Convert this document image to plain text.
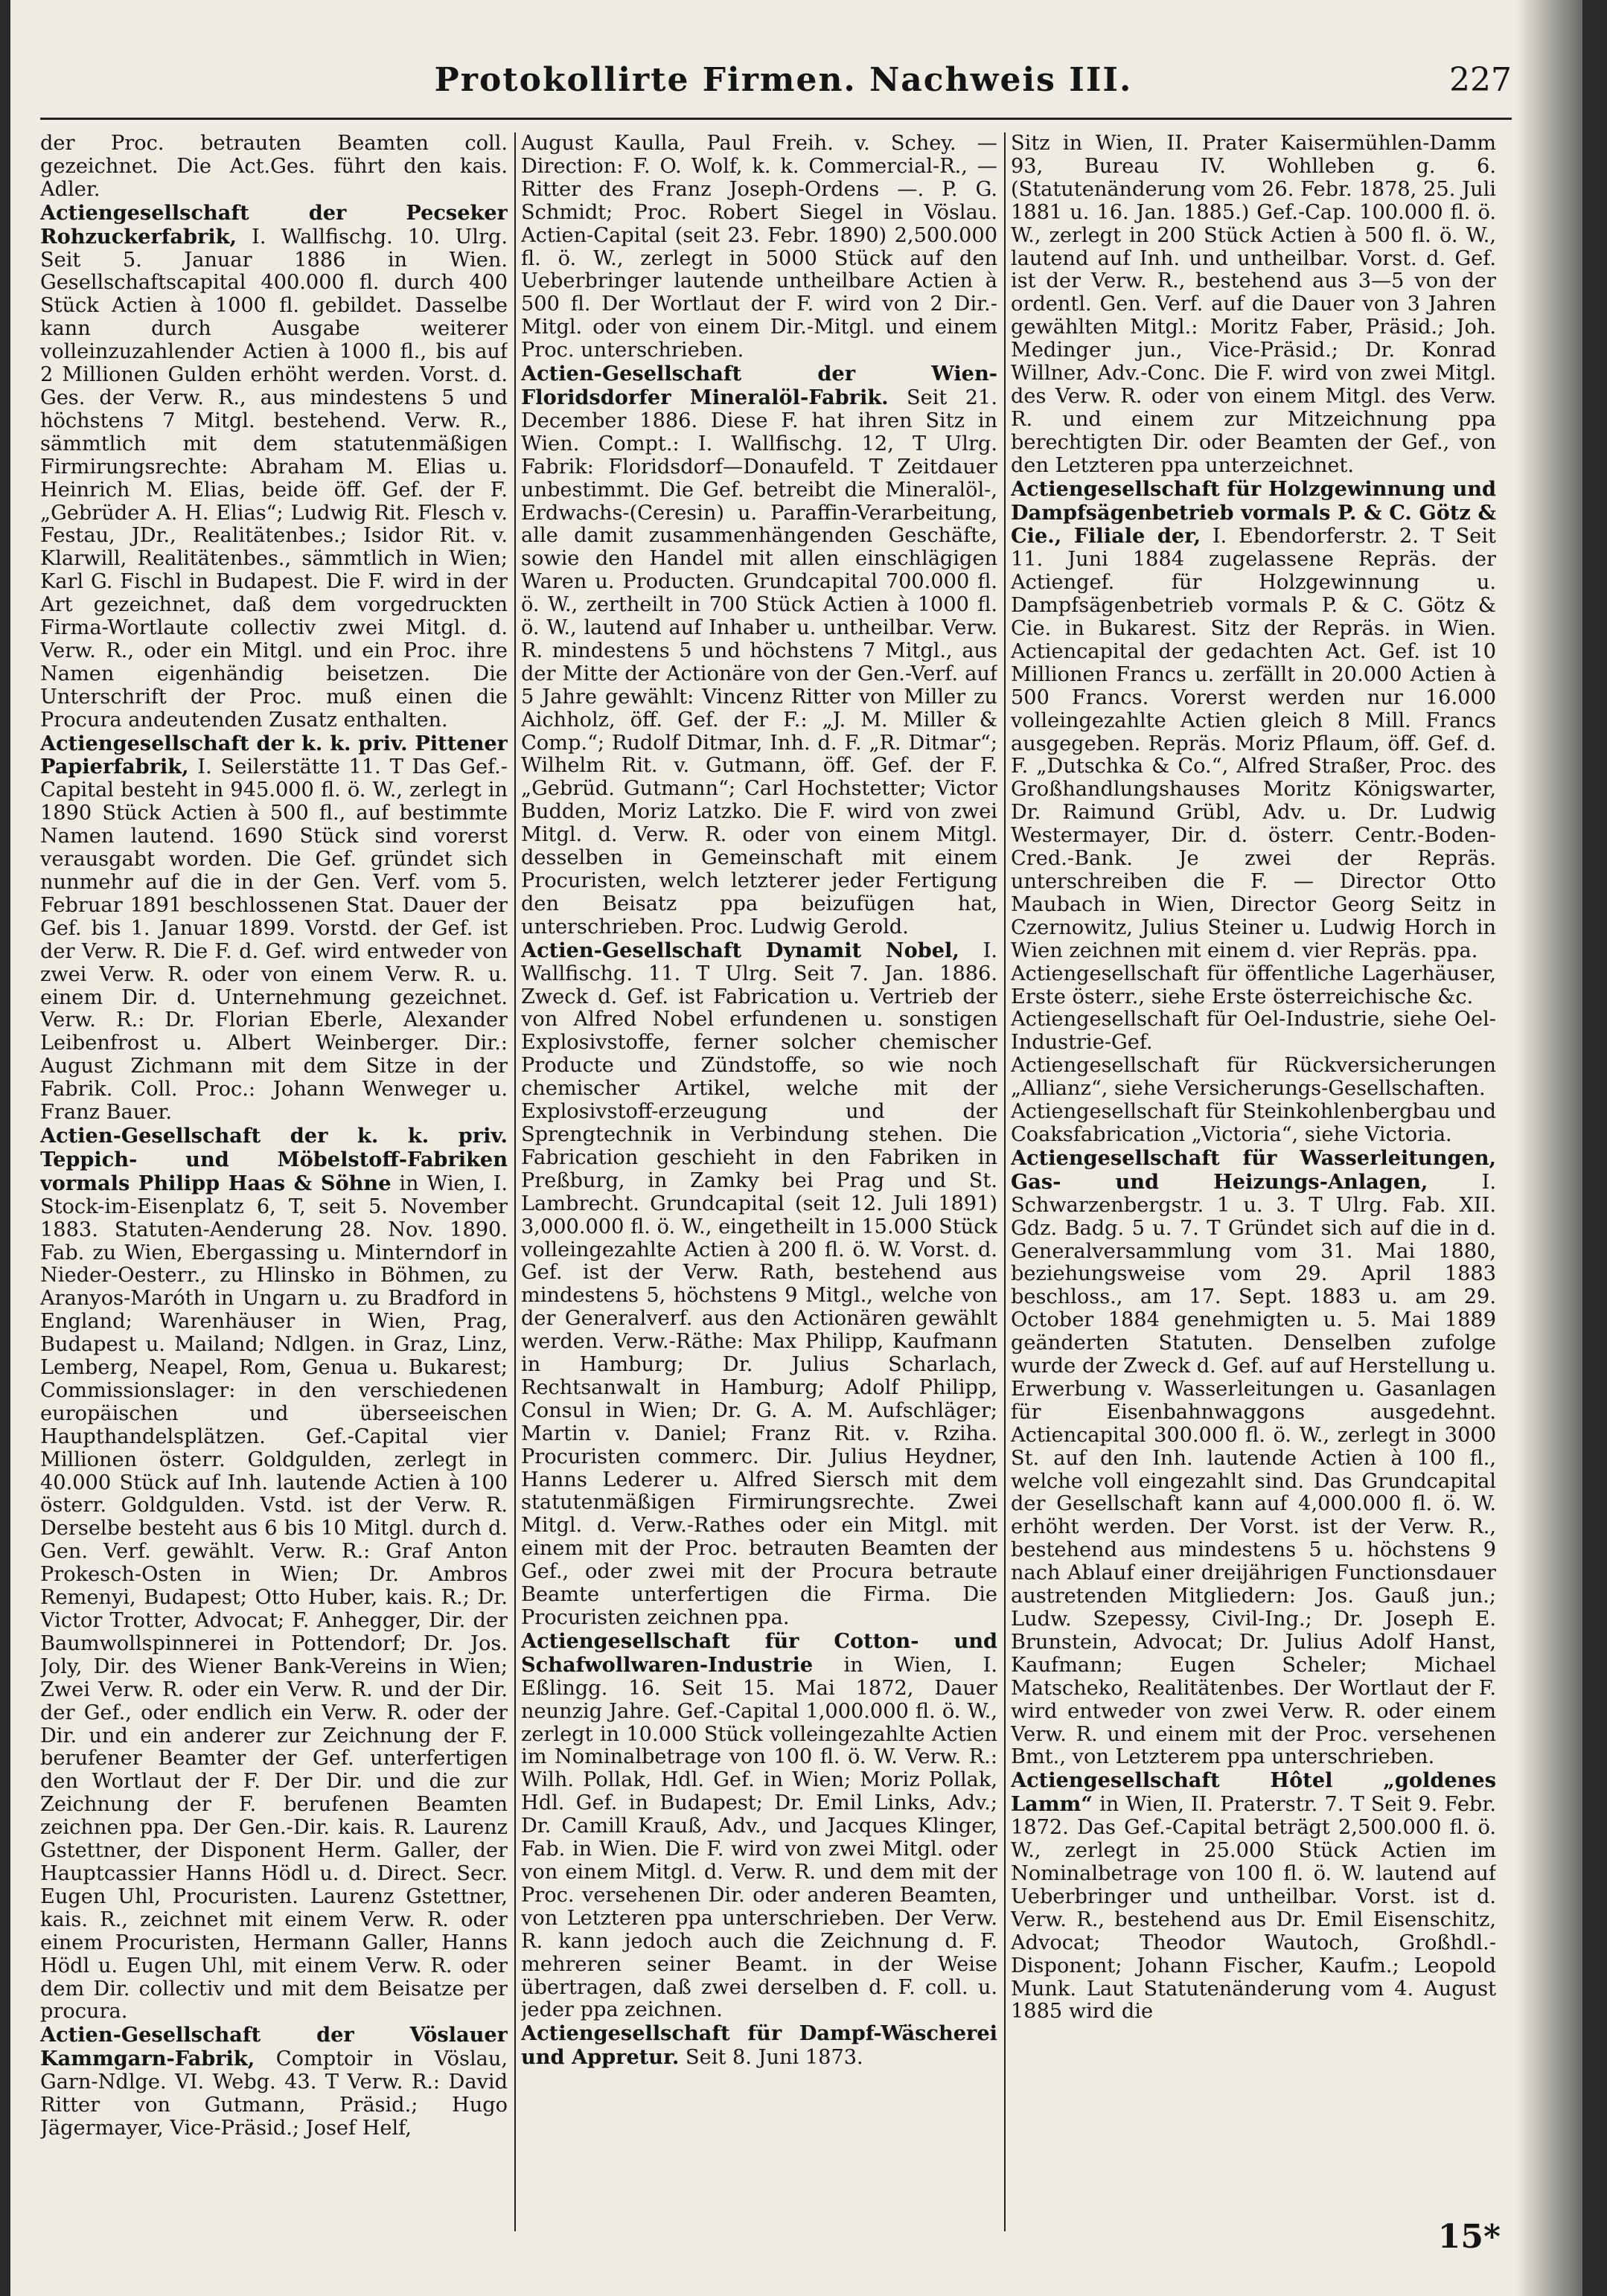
Protokollirte Firmen. Nachweis III.	227

der Proc. betrauten Beamten coll. gezeichnet. Die Act.Ges. führt den kais. Adler.

Actiengesellschaft der Pecseker Rohzuckerfabrik, I. Wallfischg. 10. Ulrg. Seit 5. Januar 1886 in Wien. Gesellschaftscapital 400.000 fl. durch 400 Stück Actien à 1000 fl. gebildet. Dasselbe kann durch Ausgabe weiterer volleinzuzahlender Actien à 1000 fl., bis auf 2 Millionen Gulden erhöht werden. Vorst. d. Ges. der Verw. R., aus mindestens 5 und höchstens 7 Mitgl. bestehend. Verw. R., sämmtlich mit dem statutenmäßigen Firmirungsrechte: Abraham M. Elias u. Heinrich M. Elias, beide öff. Gef. der F. „Gebrüder A. H. Elias“; Ludwig Rit. Flesch v. Festau, JDr., Realitätenbes.; Isidor Rit. v. Klarwill, Realitätenbes., sämmtlich in Wien; Karl G. Fischl in Budapest. Die F. wird in der Art gezeichnet, daß dem vorgedruckten Firma-Wortlaute collectiv zwei Mitgl. d. Verw. R., oder ein Mitgl. und ein Proc. ihre Namen eigenhändig beisetzen. Die Unterschrift der Proc. muß einen die Procura andeutenden Zusatz enthalten.

Actiengesellschaft der k. k. priv. Pittener Papierfabrik, I. Seilerstätte 11. T Das Gef.-Capital besteht in 945.000 fl. ö. W., zerlegt in 1890 Stück Actien à 500 fl., auf bestimmte Namen lautend. 1690 Stück sind vorerst verausgabt worden. Die Gef. gründet sich nunmehr auf die in der Gen. Verf. vom 5. Februar 1891 beschlossenen Stat. Dauer der Gef. bis 1. Januar 1899. Vorstd. der Gef. ist der Verw. R. Die F. d. Gef. wird entweder von zwei Verw. R. oder von einem Verw. R. u. einem Dir. d. Unternehmung gezeichnet. Verw. R.: Dr. Florian Eberle, Alexander Leibenfrost u. Albert Weinberger. Dir.: August Zichmann mit dem Sitze in der Fabrik. Coll. Proc.: Johann Wenweger u. Franz Bauer.

Actien-Gesellschaft der k. k. priv. Teppich- und Möbelstoff-Fabriken vormals Philipp Haas & Söhne in Wien, I. Stock-im-Eisenplatz 6, T, seit 5. November 1883. Statuten-Aenderung 28. Nov. 1890. Fab. zu Wien, Ebergassing u. Minterndorf in Nieder-Oesterr., zu Hlinsko in Böhmen, zu Aranyos-Maróth in Ungarn u. zu Bradford in England; Warenhäuser in Wien, Prag, Budapest u. Mailand; Ndlgen. in Graz, Linz, Lemberg, Neapel, Rom, Genua u. Bukarest; Commissionslager: in den verschiedenen europäischen und überseeischen Haupthandelsplätzen. Gef.-Capital vier Millionen österr. Goldgulden, zerlegt in 40.000 Stück auf Inh. lautende Actien à 100 österr. Goldgulden. Vstd. ist der Verw. R. Derselbe besteht aus 6 bis 10 Mitgl. durch d. Gen. Verf. gewählt. Verw. R.: Graf Anton Prokesch-Osten in Wien; Dr. Ambros Remenyi, Budapest; Otto Huber, kais. R.; Dr. Victor Trotter, Advocat; F. Anhegger, Dir. der Baumwollspinnerei in Pottendorf; Dr. Jos. Joly, Dir. des Wiener Bank-Vereins in Wien; Zwei Verw. R. oder ein Verw. R. und der Dir. der Gef., oder endlich ein Verw. R. oder der Dir. und ein anderer zur Zeichnung der F. berufener Beamter der Gef. unterfertigen den Wortlaut der F. Der Dir. und die zur Zeichnung der F. berufenen Beamten zeichnen ppa. Der Gen.-Dir. kais. R. Laurenz Gstettner, der Disponent Herm. Galler, der Hauptcassier Hanns Hödl u. d. Direct. Secr. Eugen Uhl, Procuristen. Laurenz Gstettner, kais. R., zeichnet mit einem Verw. R. oder einem Procuristen, Hermann Galler, Hanns Hödl u. Eugen Uhl, mit einem Verw. R. oder dem Dir. collectiv und mit dem Beisatze per procura.

Actien-Gesellschaft der Vöslauer Kammgarn-Fabrik, Comptoir in Vöslau, Garn-Ndlge. VI. Webg. 43. T Verw. R.: David Ritter von Gutmann, Präsid.; Hugo Jägermayer, Vice-Präsid.; Josef Helf,

August Kaulla, Paul Freih. v. Schey. — Direction: F. O. Wolf, k. k. Commercial-R., — Ritter des Franz Joseph-Ordens —. P. G. Schmidt; Proc. Robert Siegel in Vöslau. Actien-Capital (seit 23. Febr. 1890) 2,500.000 fl. ö. W., zerlegt in 5000 Stück auf den Ueberbringer lautende untheilbare Actien à 500 fl. Der Wortlaut der F. wird von 2 Dir.-Mitgl. oder von einem Dir.-Mitgl. und einem Proc. unterschrieben.

Actien-Gesellschaft der Wien-Floridsdorfer Mineralöl-Fabrik. Seit 21. December 1886. Diese F. hat ihren Sitz in Wien. Compt.: I. Wallfischg. 12, T Ulrg. Fabrik: Floridsdorf—Donaufeld. T Zeitdauer unbestimmt. Die Gef. betreibt die Mineralöl-, Erdwachs-(Ceresin) u. Paraffin-Verarbeitung, alle damit zusammenhängenden Geschäfte, sowie den Handel mit allen einschlägigen Waren u. Producten. Grundcapital 700.000 fl. ö. W., zertheilt in 700 Stück Actien à 1000 fl. ö. W., lautend auf Inhaber u. untheilbar. Verw. R. mindestens 5 und höchstens 7 Mitgl., aus der Mitte der Actionäre von der Gen.-Verf. auf 5 Jahre gewählt: Vincenz Ritter von Miller zu Aichholz, öff. Gef. der F.: „J. M. Miller & Comp.“; Rudolf Ditmar, Inh. d. F. „R. Ditmar“; Wilhelm Rit. v. Gutmann, öff. Gef. der F. „Gebrüd. Gutmann“; Carl Hochstetter; Victor Budden, Moriz Latzko. Die F. wird von zwei Mitgl. d. Verw. R. oder von einem Mitgl. desselben in Gemeinschaft mit einem Procuristen, welch letzterer jeder Fertigung den Beisatz ppa beizufügen hat, unterschrieben. Proc. Ludwig Gerold.

Actien-Gesellschaft Dynamit Nobel, I. Wallfischg. 11. T Ulrg. Seit 7. Jan. 1886. Zweck d. Gef. ist Fabrication u. Vertrieb der von Alfred Nobel erfundenen u. sonstigen Explosivstoffe, ferner solcher chemischer Producte und Zündstoffe, so wie noch chemischer Artikel, welche mit der Explosivstoff-erzeugung und der Sprengtechnik in Verbindung stehen. Die Fabrication geschieht in den Fabriken in Preßburg, in Zamky bei Prag und St. Lambrecht. Grundcapital (seit 12. Juli 1891) 3,000.000 fl. ö. W., eingetheilt in 15.000 Stück volleingezahlte Actien à 200 fl. ö. W. Vorst. d. Gef. ist der Verw. Rath, bestehend aus mindestens 5, höchstens 9 Mitgl., welche von der Generalverf. aus den Actionären gewählt werden. Verw.-Räthe: Max Philipp, Kaufmann in Hamburg; Dr. Julius Scharlach, Rechtsanwalt in Hamburg; Adolf Philipp, Consul in Wien; Dr. G. A. M. Aufschläger; Martin v. Daniel; Franz Rit. v. Rziha. Procuristen commerc. Dir. Julius Heydner, Hanns Lederer u. Alfred Siersch mit dem statutenmäßigen Firmirungsrechte. Zwei Mitgl. d. Verw.-Rathes oder ein Mitgl. mit einem mit der Proc. betrauten Beamten der Gef., oder zwei mit der Procura betraute Beamte unterfertigen die Firma. Die Procuristen zeichnen ppa.

Actiengesellschaft für Cotton- und Schafwollwaren-Industrie in Wien, I. Eßlingg. 16. Seit 15. Mai 1872, Dauer neunzig Jahre. Gef.-Capital 1,000.000 fl. ö. W., zerlegt in 10.000 Stück volleingezahlte Actien im Nominalbetrage von 100 fl. ö. W. Verw. R.: Wilh. Pollak, Hdl. Gef. in Wien; Moriz Pollak, Hdl. Gef. in Budapest; Dr. Emil Links, Adv.; Dr. Camill Krauß, Adv., und Jacques Klinger, Fab. in Wien. Die F. wird von zwei Mitgl. oder von einem Mitgl. d. Verw. R. und dem mit der Proc. versehenen Dir. oder anderen Beamten, von Letzteren ppa unterschrieben. Der Verw. R. kann jedoch auch die Zeichnung d. F. mehreren seiner Beamt. in der Weise übertragen, daß zwei derselben d. F. coll. u. jeder ppa zeichnen.

Actiengesellschaft für Dampf-Wäscherei und Appretur. Seit 8. Juni 1873.

Sitz in Wien, II. Prater Kaisermühlen-Damm 93, Bureau IV. Wohlleben g. 6. (Statutenänderung vom 26. Febr. 1878, 25. Juli 1881 u. 16. Jan. 1885.) Gef.-Cap. 100.000 fl. ö. W., zerlegt in 200 Stück Actien à 500 fl. ö. W., lautend auf Inh. und untheilbar. Vorst. d. Gef. ist der Verw. R., bestehend aus 3—5 von der ordentl. Gen. Verf. auf die Dauer von 3 Jahren gewählten Mitgl.: Moritz Faber, Präsid.; Joh. Medinger jun., Vice-Präsid.; Dr. Konrad Willner, Adv.-Conc. Die F. wird von zwei Mitgl. des Verw. R. oder von einem Mitgl. des Verw. R. und einem zur Mitzeichnung ppa berechtigten Dir. oder Beamten der Gef., von den Letzteren ppa unterzeichnet.

Actiengesellschaft für Holzgewinnung und Dampfsägenbetrieb vormals P. & C. Götz & Cie., Filiale der, I. Ebendorferstr. 2. T Seit 11. Juni 1884 zugelassene Repräs. der Actiengef. für Holzgewinnung u. Dampfsägenbetrieb vormals P. & C. Götz & Cie. in Bukarest. Sitz der Repräs. in Wien. Actiencapital der gedachten Act. Gef. ist 10 Millionen Francs u. zerfällt in 20.000 Actien à 500 Francs. Vorerst werden nur 16.000 volleingezahlte Actien gleich 8 Mill. Francs ausgegeben. Repräs. Moriz Pflaum, öff. Gef. d. F. „Dutschka & Co.“, Alfred Straßer, Proc. des Großhandlungshauses Moritz Königswarter, Dr. Raimund Grübl, Adv. u. Dr. Ludwig Westermayer, Dir. d. österr. Centr.-Boden-Cred.-Bank. Je zwei der Repräs. unterschreiben die F. — Director Otto Maubach in Wien, Director Georg Seitz in Czernowitz, Julius Steiner u. Ludwig Horch in Wien zeichnen mit einem d. vier Repräs. ppa.

Actiengesellschaft für öffentliche Lagerhäuser, Erste österr., siehe Erste österreichische &c.

Actiengesellschaft für Oel-Industrie, siehe Oel-Industrie-Gef.

Actiengesellschaft für Rückversicherungen „Allianz“, siehe Versicherungs-Gesellschaften.

Actiengesellschaft für Steinkohlenbergbau und Coaksfabrication „Victoria“, siehe Victoria.

Actiengesellschaft für Wasserleitungen, Gas- und Heizungs-Anlagen,	I. Schwarzenbergstr. 1 u. 3. T Ulrg. Fab. XII. Gdz. Badg. 5 u. 7. T Gründet sich auf die in d. Generalversammlung vom 31. Mai 1880, beziehungsweise vom 29. April 1883 beschloss., am 17. Sept. 1883 u. am 29. October 1884 genehmigten u. 5. Mai 1889 geänderten Statuten. Denselben zufolge wurde der Zweck d. Gef. auf auf Herstellung u. Erwerbung v. Wasserleitungen u. Gasanlagen für Eisenbahnwaggons ausgedehnt. Actiencapital 300.000 fl. ö. W., zerlegt in 3000 St. auf den Inh. lautende Actien à 100 fl., welche voll eingezahlt sind. Das Grundcapital der Gesellschaft kann auf 4,000.000 fl. ö. W. erhöht werden. Der Vorst. ist der Verw. R., bestehend aus mindestens 5 u. höchstens 9 nach Ablauf einer dreijährigen Functionsdauer austretenden Mitgliedern: Jos. Gauß jun.; Ludw. Szepessy, Civil-Ing.; Dr. Joseph E. Brunstein, Advocat; Dr. Julius Adolf Hanst, Kaufmann; Eugen Scheler; Michael Matscheko, Realitätenbes. Der Wortlaut der F. wird entweder von zwei Verw. R. oder einem Verw. R. und einem mit der Proc. versehenen Bmt., von Letzterem ppa unterschrieben.

Actiengesellschaft Hôtel „goldenes Lamm“ in Wien, II. Praterstr. 7. T Seit 9. Febr. 1872. Das Gef.-Capital beträgt 2,500.000 fl. ö. W., zerlegt in 25.000 Stück Actien im Nominalbetrage von 100 fl. ö. W. lautend auf Ueberbringer und untheilbar. Vorst. ist d. Verw. R., bestehend aus Dr. Emil Eisenschitz, Advocat; Theodor Wautoch, Großhdl.-Disponent; Johann Fischer, Kaufm.; Leopold Munk. Laut Statutenänderung vom 4. August 1885 wird die

15*
